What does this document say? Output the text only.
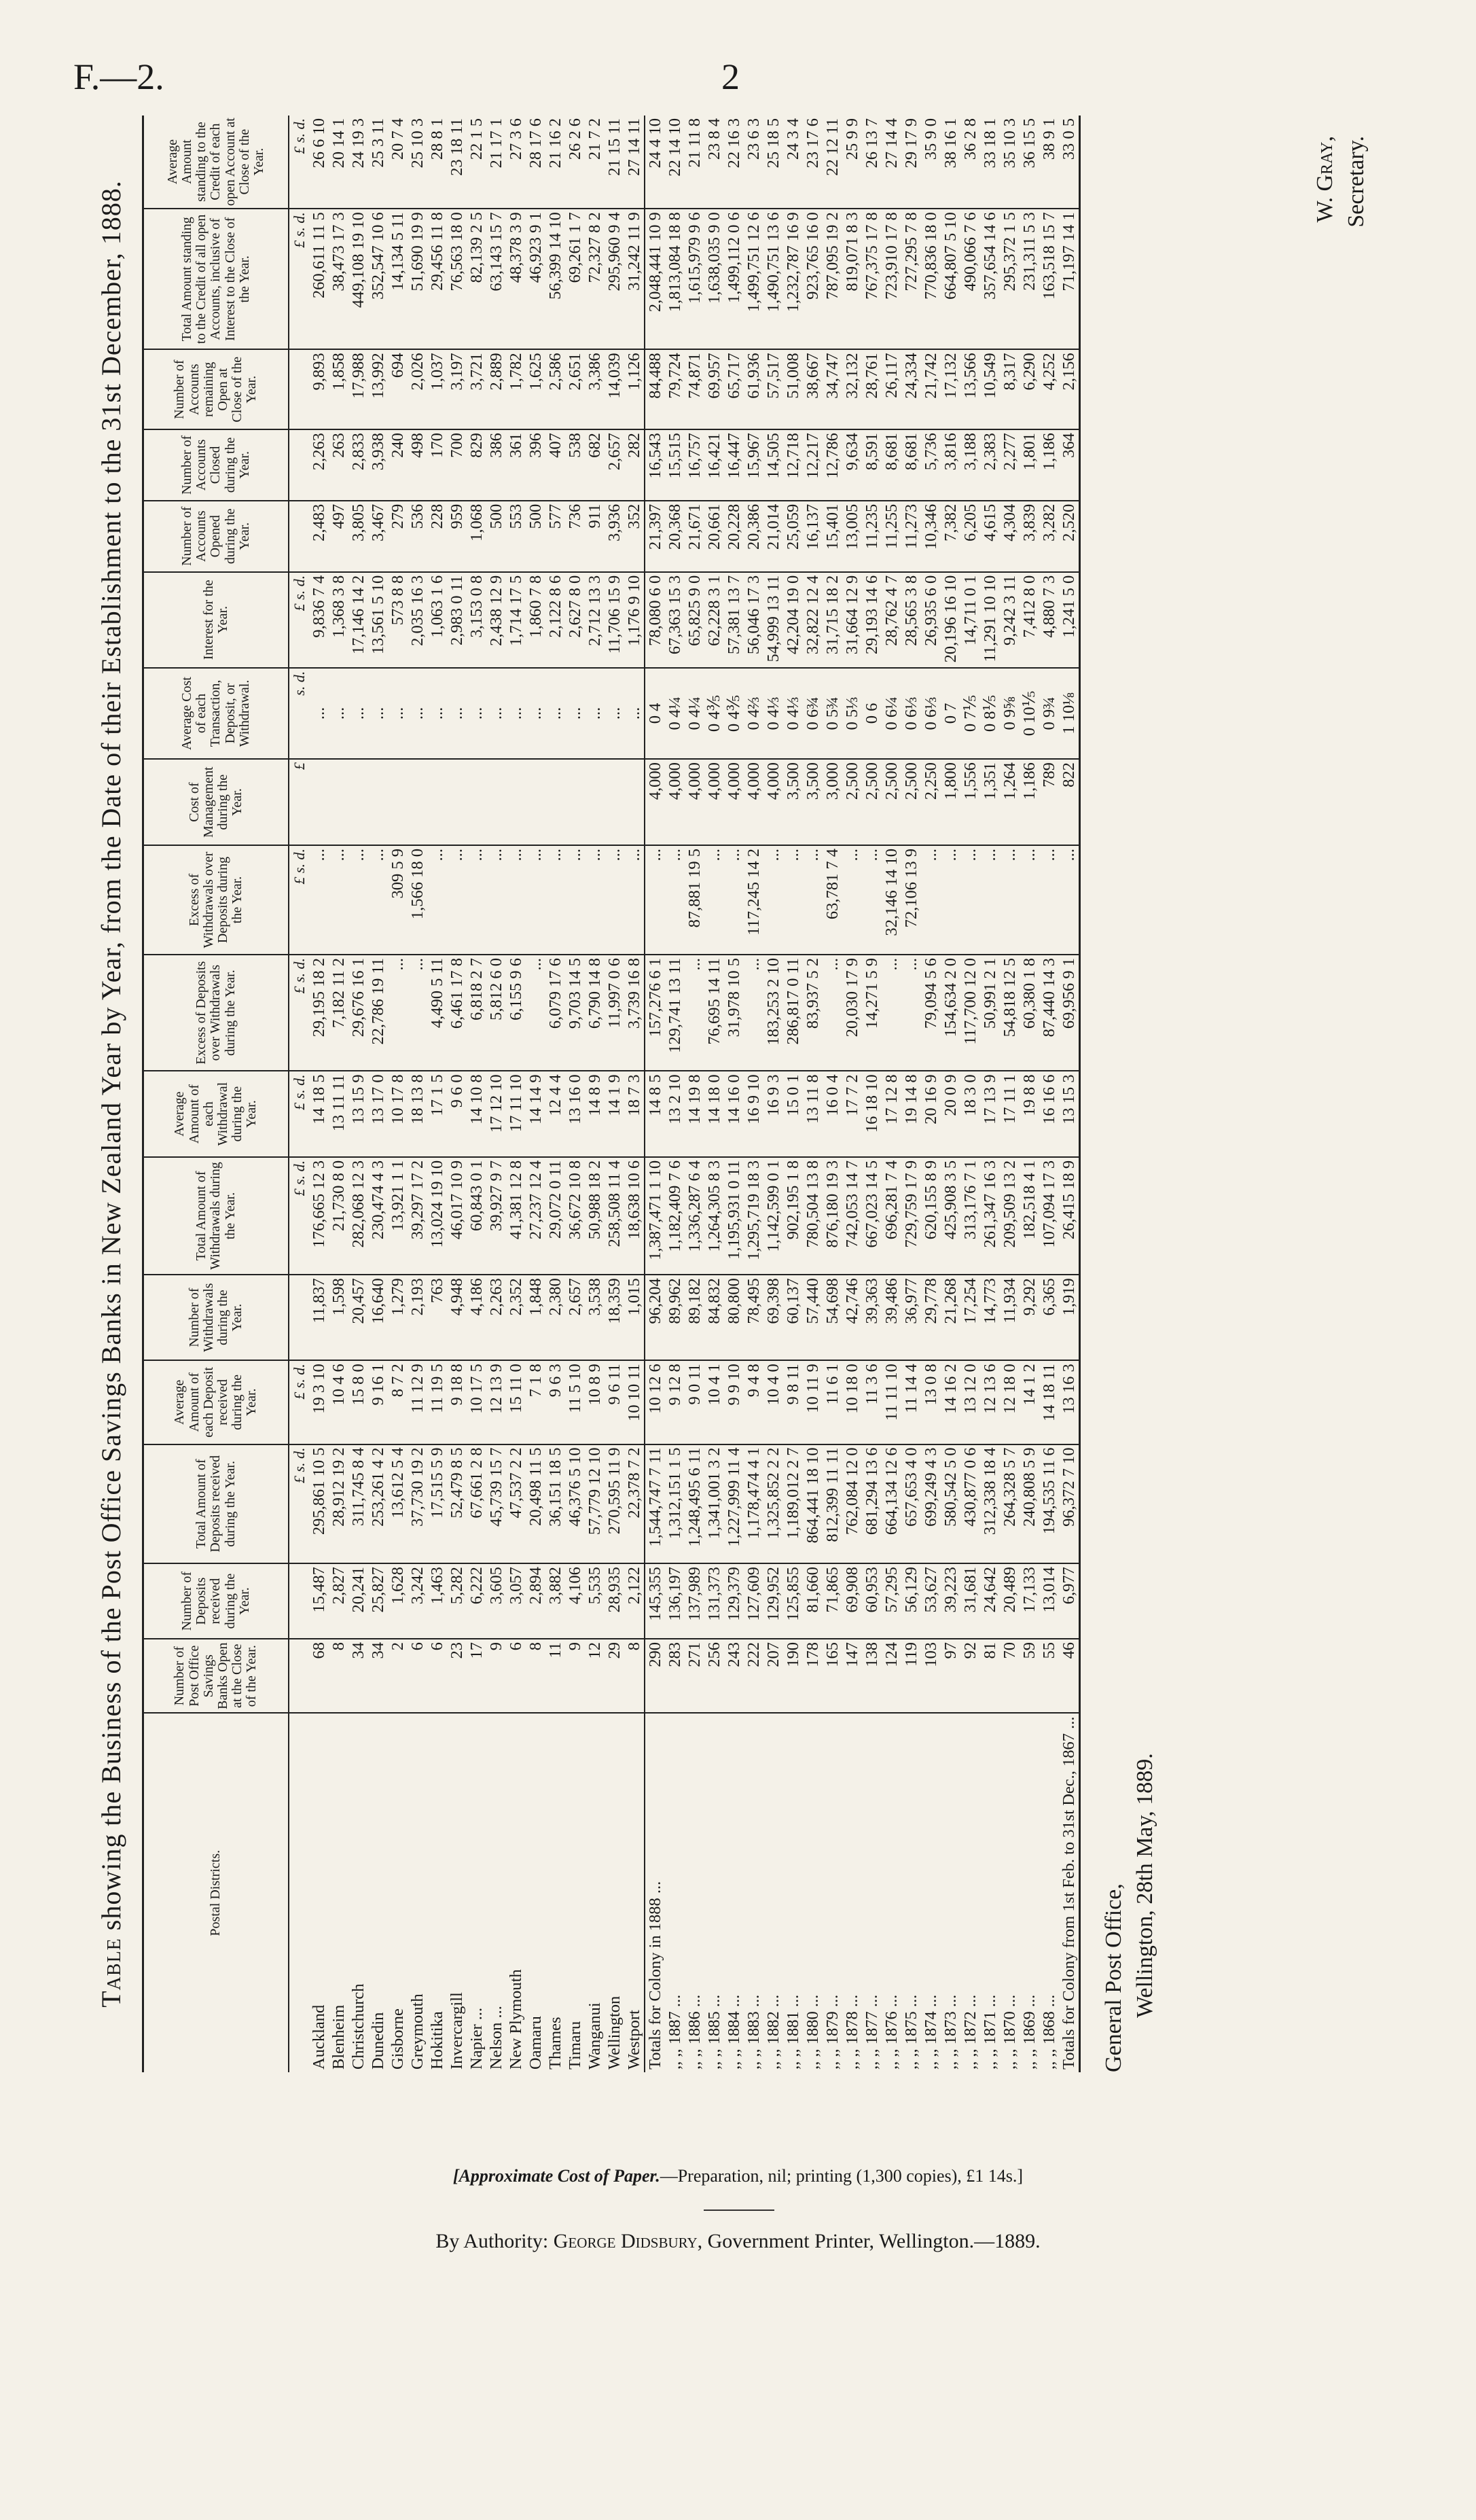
F.—2.	2
Table showing the Business of the Post Office Savings Banks in New Zealand Year by Year, from the Date of their Establishment to the 31st December, 1888.	Postal Districts.	Number of Post Office Savings Banks Open at the Close of the Year.	Number of Deposits received during the Year.	Total Amount of Deposits received during the Year.	Average Amount of each Deposit received during the Year.	Number of Withdrawals during the Year.	Total Amount of Withdrawals during the Year.	Average Amount of each Withdrawal during the Year.	Excess of Deposits over Withdrawals during the Year.	Excess of Withdrawals over Deposits during the Year.	Cost of Management during the Year.	Average Cost of each Transaction, Deposit, or Withdrawal.	Interest for the Year.	Number of Accounts Opened during the Year.	Number of Accounts Closed during the Year.	Number of Accounts remaining Open at Close of the Year.	Total Amount standing to the Credit of all open Accounts, inclusive of Interest to the Close of the Year.	Average Amount standing to the Credit of each open Account at Close of the Year.
			£ s. d.	£ s. d.		£ s. d.	£ s. d.	£ s. d.	£ s. d.	£	s. d.	£ s. d.				£ s. d.	£ s. d.
Auckland	68	15,487	295,861 10 5	19 3 10	11,837	176,665 12 3	14 18 5	29,195 18 2	...		...	9,836 7 4	2,483	2,263	9,893	260,611 11 5	26 6 10
Blenheim	8	2,827	28,912 19 2	10 4 6	1,598	21,730 8 0	13 11 11	7,182 11 2	...		...	1,368 3 8	497	263	1,858	38,473 17 3	20 14 1
Christchurch	34	20,241	311,745 8 4	15 8 0	20,457	282,068 12 3	13 15 9	29,676 16 1	...		...	17,146 14 2	3,805	2,833	17,988	449,108 19 10	24 19 3
Dunedin	34	25,827	253,261 4 2	9 16 1	16,640	230,474 4 3	13 17 0	22,786 19 11	...		...	13,561 5 10	3,467	3,938	13,992	352,547 10 6	25 3 11
Gisborne	2	1,628	13,612 5 4	8 7 2	1,279	13,921 1 1	10 17 8	...	309 5 9		...	573 8 8	279	240	694	14,134 5 11	20 7 4
Greymouth	6	3,242	37,730 19 2	11 12 9	2,193	39,297 17 2	18 13 8	...	1,566 18 0		...	2,035 16 3	536	498	2,026	51,690 19 9	25 10 3
Hokitika	6	1,463	17,515 5 9	11 19 5	763	13,024 19 10	17 1 5	4,490 5 11	...		...	1,063 1 6	228	170	1,037	29,456 11 8	28 8 1
Invercargill	23	5,282	52,479 8 5	9 18 8	4,948	46,017 10 9	9 6 0	6,461 17 8	...		...	2,983 0 11	959	700	3,197	76,563 18 0	23 18 11
Napier ...	17	6,222	67,661 2 8	10 17 5	4,186	60,843 0 1	14 10 8	6,818 2 7	...		...	3,153 0 8	1,068	829	3,721	82,139 2 5	22 1 5
Nelson ...	9	3,605	45,739 15 7	12 13 9	2,263	39,927 9 7	17 12 10	5,812 6 0	...		...	2,438 12 9	500	386	2,889	63,143 15 7	21 17 1
New Plymouth	6	3,057	47,537 2 2	15 11 0	2,352	41,381 12 8	17 11 10	6,155 9 6	...		...	1,714 17 5	553	361	1,782	48,378 3 9	27 3 6
Oamaru	8	2,894	20,498 11 5	7 1 8	1,848	27,237 12 4	14 14 9	...	...		...	1,860 7 8	500	396	1,625	46,923 9 1	28 17 6
Thames	11	3,882	36,151 18 5	9 6 3	2,380	29,072 0 11	12 4 4	6,079 17 6	...		...	2,122 8 6	577	407	2,586	56,399 14 10	21 16 2
Timaru	9	4,106	46,376 5 10	11 5 10	2,657	36,672 10 8	13 16 0	9,703 14 5	...		...	2,627 8 0	736	538	2,651	69,261 1 7	26 2 6
Wanganui	12	5,535	57,779 12 10	10 8 9	3,538	50,988 18 2	14 8 9	6,790 14 8	...		...	2,712 13 3	911	682	3,386	72,327 8 2	21 7 2
Wellington	29	28,935	270,595 11 9	9 6 11	18,359	258,508 11 4	14 1 9	11,997 0 6	...		...	11,706 15 9	3,936	2,657	14,039	295,960 9 4	21 15 11
Westport	8	2,122	22,378 7 2	10 10 11	1,015	18,638 10 6	18 7 3	3,739 16 8	...		...	1,176 9 10	352	282	1,126	31,242 11 9	27 14 11
Totals for Colony in 1888 ...	290	145,355	1,544,747 7 11	10 12 6	96,204	1,387,471 1 10	14 8 5	157,276 6 1	...	4,000	0 4	78,080 6 0	21,397	16,543	84,488	2,048,441 10 9	24 4 10
,, ,, 1887 ...	283	136,197	1,312,151 1 5	9 12 8	89,962	1,182,409 7 6	13 2 10	129,741 13 11	...	4,000	0 4¼	67,363 15 3	20,368	15,515	79,724	1,813,084 18 8	22 14 10
,, ,, 1886 ...	271	137,989	1,248,495 6 11	9 0 11	89,182	1,336,287 6 4	14 19 8	...	87,881 19 5	4,000	0 4¼	65,825 9 0	21,671	16,757	74,871	1,615,979 9 6	21 11 8
,, ,, 1885 ...	256	131,373	1,341,001 3 2	10 4 1	84,832	1,264,305 8 3	14 18 0	76,695 14 11	...	4,000	0 4⅗	62,228 3 1	20,661	16,421	69,957	1,638,035 9 0	23 8 4
,, ,, 1884 ...	243	129,379	1,227,999 11 4	9 9 10	80,800	1,195,931 0 11	14 16 0	31,978 10 5	...	4,000	0 4⅗	57,381 13 7	20,228	16,447	65,717	1,499,112 0 6	22 16 3
,, ,, 1883 ...	222	127,609	1,178,474 4 1	9 4 8	78,495	1,295,719 18 3	16 9 10	...	117,245 14 2	4,000	0 4⅔	56,046 17 3	20,386	15,967	61,936	1,499,751 12 6	23 6 3
,, ,, 1882 ...	207	129,952	1,325,852 2 2	10 4 0	69,398	1,142,599 0 1	16 9 3	183,253 2 10	...	4,000	0 4⅓	54,999 13 11	21,014	14,505	57,517	1,490,751 13 6	25 18 5
,, ,, 1881 ...	190	125,855	1,189,012 2 7	9 8 11	60,137	902,195 1 8	15 0 1	286,817 0 11	...	3,500	0 4⅓	42,204 19 0	25,059	12,718	51,008	1,232,787 16 9	24 3 4
,, ,, 1880 ...	178	81,660	864,441 18 10	10 11 9	57,440	780,504 13 8	13 11 8	83,937 5 2	...	3,500	0 6¾	32,822 12 4	16,137	12,217	38,667	923,765 16 0	23 17 6
,, ,, 1879 ...	165	71,865	812,399 11 11	11 6 1	54,698	876,180 19 3	16 0 4	...	63,781 7 4	3,000	0 5¾	31,715 18 2	15,401	12,786	34,747	787,095 19 2	22 12 11
,, ,, 1878 ...	147	69,908	762,084 12 0	10 18 0	42,746	742,053 14 7	17 7 2	20,030 17 9	...	2,500	0 5⅓	31,664 12 9	13,005	9,634	32,132	819,071 8 3	25 9 9
,, ,, 1877 ...	138	60,953	681,294 13 6	11 3 6	39,363	667,023 14 5	16 18 10	14,271 5 9	...	2,500	0 6	29,193 14 6	11,235	8,591	28,761	767,375 17 8	26 13 7
,, ,, 1876 ...	124	57,295	664,134 12 6	11 11 10	39,486	696,281 7 4	17 12 8	...	32,146 14 10	2,500	0 6¼	28,762 4 7	11,255	8,681	26,117	723,910 17 8	27 14 4
,, ,, 1875 ...	119	56,129	657,653 4 0	11 14 4	36,977	729,759 17 9	19 14 8	...	72,106 13 9	2,500	0 6⅓	28,565 3 8	11,273	8,681	24,334	727,295 7 8	29 17 9
,, ,, 1874 ...	103	53,627	699,249 4 3	13 0 8	29,778	620,155 8 9	20 16 9	79,094 5 6	...	2,250	0 6⅓	26,935 6 0	10,346	5,736	21,742	770,836 18 0	35 9 0
,, ,, 1873 ...	97	39,223	580,542 5 0	14 16 2	21,268	425,908 3 5	20 0 9	154,634 2 0	...	1,800	0 7	20,196 16 10	7,382	3,816	17,132	664,807 5 10	38 16 1
,, ,, 1872 ...	92	31,681	430,877 0 6	13 12 0	17,254	313,176 7 1	18 3 0	117,700 12 0	...	1,556	0 7⅕	14,711 0 1	6,205	3,188	13,566	490,066 7 6	36 2 8
,, ,, 1871 ...	81	24,642	312,338 18 4	12 13 6	14,773	261,347 16 3	17 13 9	50,991 2 1	...	1,351	0 8⅕	11,291 10 10	4,615	2,383	10,549	357,654 14 6	33 18 1
,, ,, 1870 ...	70	20,489	264,328 5 7	12 18 0	11,934	209,509 13 2	17 11 1	54,818 12 5	...	1,264	0 9⅝	9,242 3 11	4,304	2,277	8,317	295,372 1 5	35 10 3
,, ,, 1869 ...	59	17,133	240,808 5 9	14 1 2	9,292	182,518 4 1	19 8 8	60,380 1 8	...	1,186	0 10⅕	7,412 8 0	3,839	1,801	6,290	231,311 5 3	36 15 5
,, ,, 1868 ...	55	13,014	194,535 11 6	14 18 11	6,365	107,094 17 3	16 16 6	87,440 14 3	...	789	0 9¾	4,880 7 3	3,282	1,186	4,252	163,518 15 7	38 9 1
Totals for Colony from 1st Feb. to 31st Dec., 1867 ...	46	6,977	96,372 7 10	13 16 3	1,919	26,415 18 9	13 15 3	69,956 9 1	...	822	1 10⅛	1,241 5 0	2,520	364	2,156	71,197 14 1	33 0 5
General Post Office, Wellington, 28th May, 1889.
W. Gray, Secretary.
[Approximate Cost of Paper.—Preparation, nil; printing (1,300 copies), £1 14s.]
By Authority: George Didsbury, Government Printer, Wellington.—1889.
